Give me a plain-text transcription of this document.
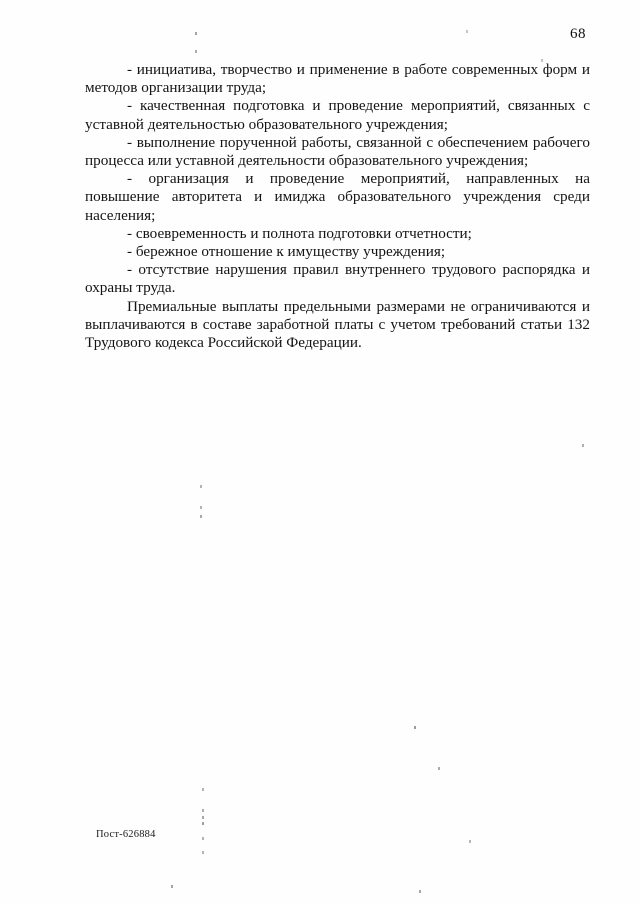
68

- инициатива, творчество и применение в работе современных форм и методов организации труда;

- качественная подготовка и проведение мероприятий, связанных с уставной деятельностью образовательного учреждения;

- выполнение порученной работы, связанной с обеспечением рабочего процесса или уставной деятельности образовательного учреждения;

- организация и проведение мероприятий, направленных на повышение авторитета и имиджа образовательного учреждения среди населения;

- своевременность и полнота подготовки отчетности;

- бережное отношение к имуществу учреждения;

- отсутствие нарушения правил внутреннего трудового распорядка и охраны труда.

Премиальные выплаты предельными размерами не ограничиваются и выплачиваются в составе заработной платы с учетом требований статьи 132 Трудового кодекса Российской Федерации.

Пост-626884
